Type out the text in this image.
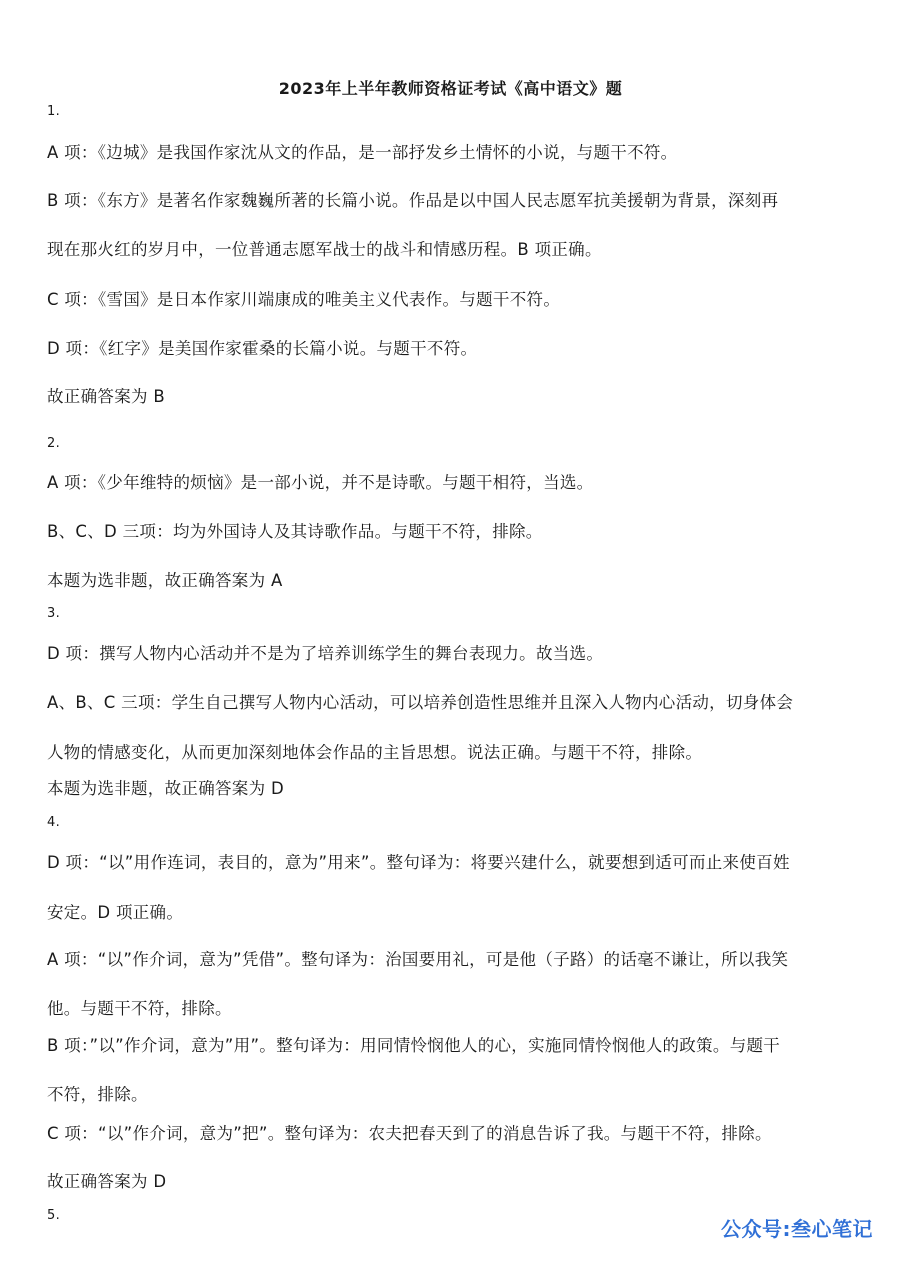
2023年上半年教师资格证考试《高中语文》题
1.
A 项：《边城》是我国作家沈从文的作品，是一部抒发乡土情怀的小说，与题干不符。
B 项：《东方》是著名作家魏巍所著的长篇小说。作品是以中国人民志愿军抗美援朝为背景，深刻再
现在那火红的岁月中，一位普通志愿军战士的战斗和情感历程。B 项正确。
C 项：《雪国》是日本作家川端康成的唯美主义代表作。与题干不符。
D 项：《红字》是美国作家霍桑的长篇小说。与题干不符。
故正确答案为 B
2.
A 项：《少年维特的烦恼》是一部小说，并不是诗歌。与题干相符，当选。
B、C、D 三项：均为外国诗人及其诗歌作品。与题干不符，排除。
本题为选非题，故正确答案为 A
3.
D 项：撰写人物内心活动并不是为了培养训练学生的舞台表现力。故当选。
A、B、C 三项：学生自己撰写人物内心活动，可以培养创造性思维并且深入人物内心活动，切身体会
人物的情感变化，从而更加深刻地体会作品的主旨思想。说法正确。与题干不符，排除。
本题为选非题，故正确答案为 D
4.
D 项：“以”用作连词，表目的，意为”用来”。整句译为：将要兴建什么，就要想到适可而止来使百姓
安定。D 项正确。
A 项：“以”作介词，意为”凭借”。整句译为：治国要用礼，可是他（子路）的话毫不谦让，所以我笑
他。与题干不符，排除。
B 项：”以”作介词，意为”用”。整句译为：用同情怜悯他人的心，实施同情怜悯他人的政策。与题干
不符，排除。
C 项：“以”作介词，意为”把”。整句译为：农夫把春天到了的消息告诉了我。与题干不符，排除。
故正确答案为 D
5.
公众号:叁心笔记
